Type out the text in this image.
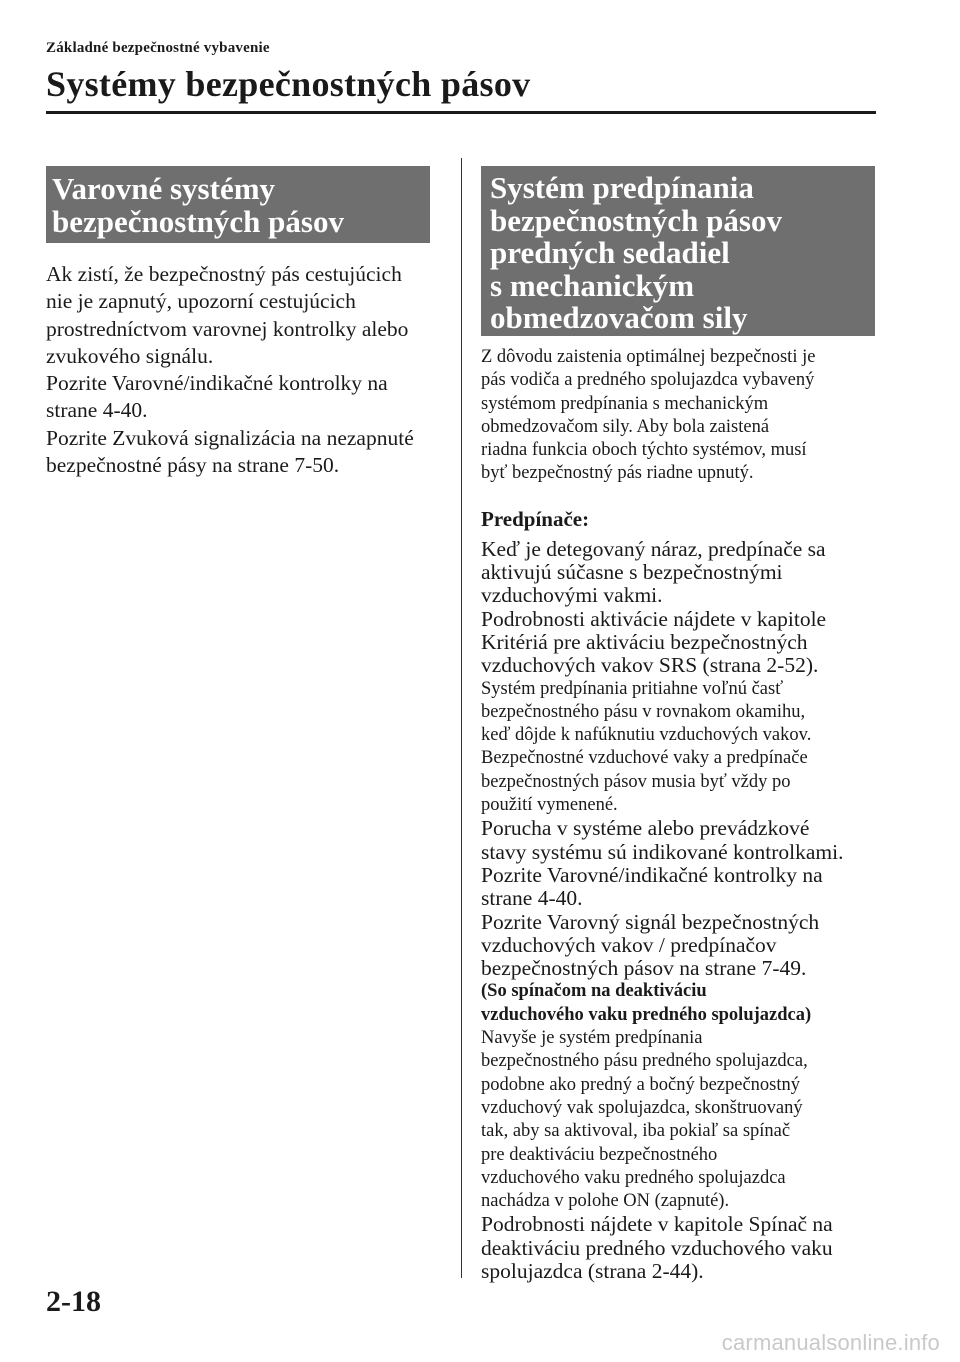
Základné bezpečnostné vybavenie
Systémy bezpečnostných pásov
Varovné systémy
bezpečnostných pásov
Ak zistí, že bezpečnostný pás cestujúcich
nie je zapnutý, upozorní cestujúcich
prostredníctvom varovnej kontrolky alebo
zvukového signálu.
Pozrite Varovné/indikačné kontrolky na
strane 4-40.
Pozrite Zvuková signalizácia na nezapnuté
bezpečnostné pásy na strane 7-50.
Systém predpínania
bezpečnostných pásov
predných sedadiel
s mechanickým
obmedzovačom sily
Z dôvodu zaistenia optimálnej bezpečnosti je
pás vodiča a predného spolujazdca vybavený
systémom predpínania s mechanickým
obmedzovačom sily. Aby bola zaistená
riadna funkcia oboch týchto systémov, musí
byť bezpečnostný pás riadne upnutý.
Predpínače:
Keď je detegovaný náraz, predpínače sa
aktivujú súčasne s bezpečnostnými
vzduchovými vakmi.
Podrobnosti aktivácie nájdete v kapitole
Kritériá pre aktiváciu bezpečnostných
vzduchových vakov SRS (strana 2-52).
Systém predpínania pritiahne voľnú časť
bezpečnostného pásu v rovnakom okamihu,
keď dôjde k nafúknutiu vzduchových vakov.
Bezpečnostné vzduchové vaky a predpínače
bezpečnostných pásov musia byť vždy po
použití vymenené.
Porucha v systéme alebo prevádzkové
stavy systému sú indikované kontrolkami.
Pozrite Varovné/indikačné kontrolky na
strane 4-40.
Pozrite Varovný signál bezpečnostných
vzduchových vakov / predpínačov
bezpečnostných pásov na strane 7-49.
(So spínačom na deaktiváciu
vzduchového vaku predného spolujazdca)
Navyše je systém predpínania
bezpečnostného pásu predného spolujazdca,
podobne ako predný a bočný bezpečnostný
vzduchový vak spolujazdca, skonštruovaný
tak, aby sa aktivoval, iba pokiaľ sa spínač
pre deaktiváciu bezpečnostného
vzduchového vaku predného spolujazdca
nachádza v polohe ON (zapnuté).
Podrobnosti nájdete v kapitole Spínač na
deaktiváciu predného vzduchového vaku
spolujazdca (strana 2-44).
2-18
carmanualsonline.info
